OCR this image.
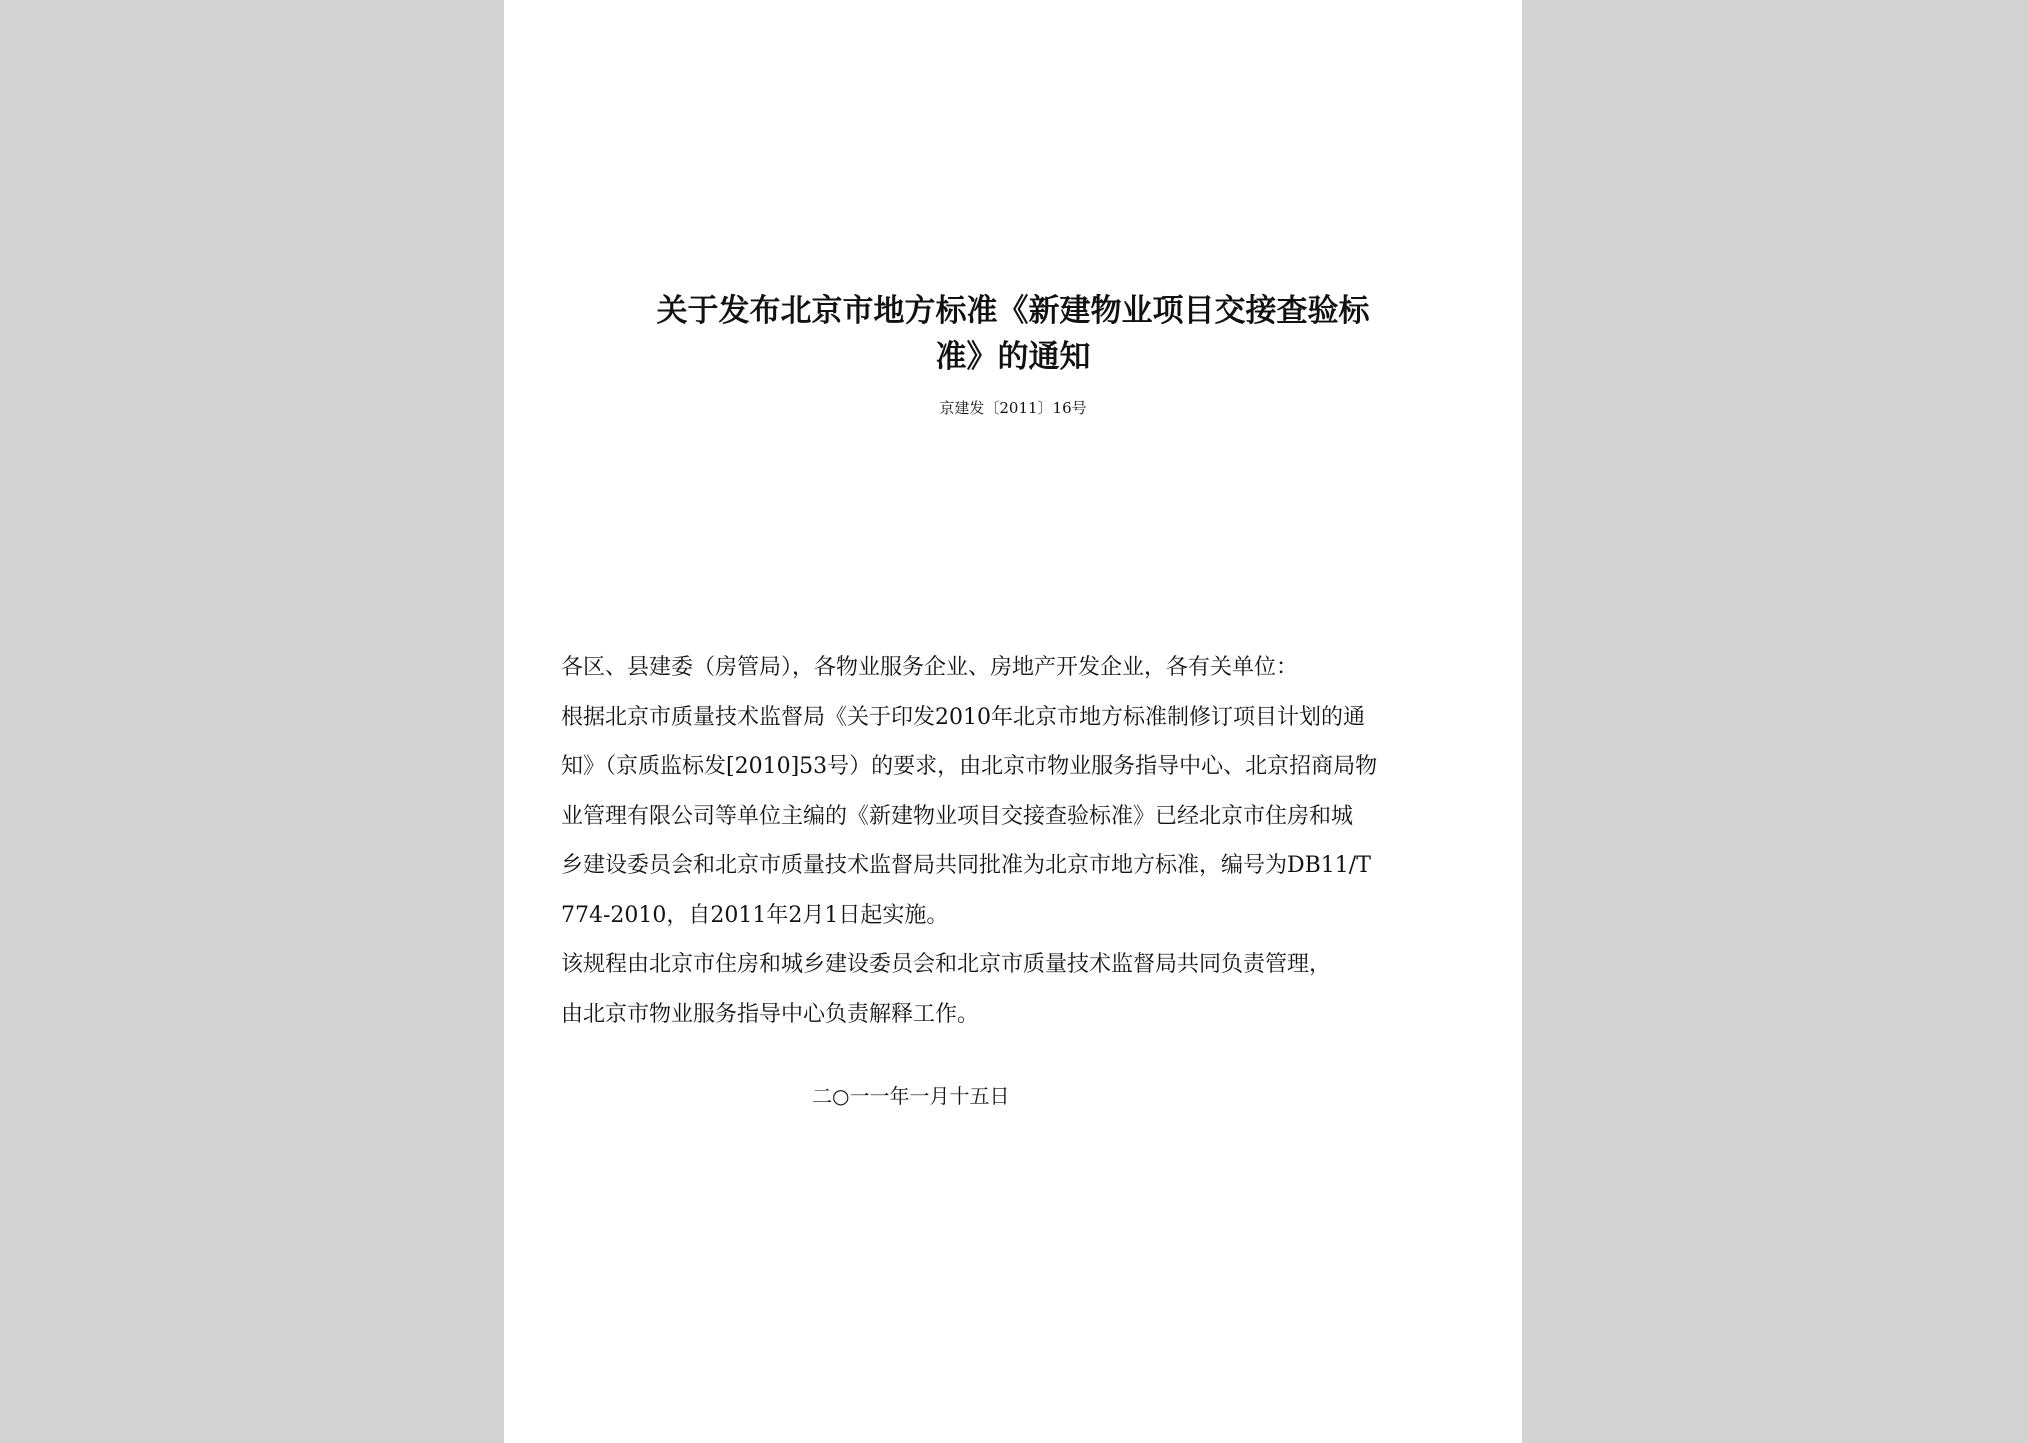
关于发布北京市地方标准《新建物业项目交接查验标
准》的通知
京建发〔2011〕16号

各区、县建委（房管局），各物业服务企业、房地产开发企业，各有关单位：

根据北京市质量技术监督局《关于印发2010年北京市地方标准制修订项目计划的通

知》（京质监标发[2010]53号）的要求，由北京市物业服务指导中心、北京招商局物

业管理有限公司等单位主编的《新建物业项目交接查验标准》已经北京市住房和城

乡建设委员会和北京市质量技术监督局共同批准为北京市地方标准，编号为DB11/T

774-2010，自2011年2月1日起实施。

该规程由北京市住房和城乡建设委员会和北京市质量技术监督局共同负责管理，

由北京市物业服务指导中心负责解释工作。

二○一一年一月十五日
